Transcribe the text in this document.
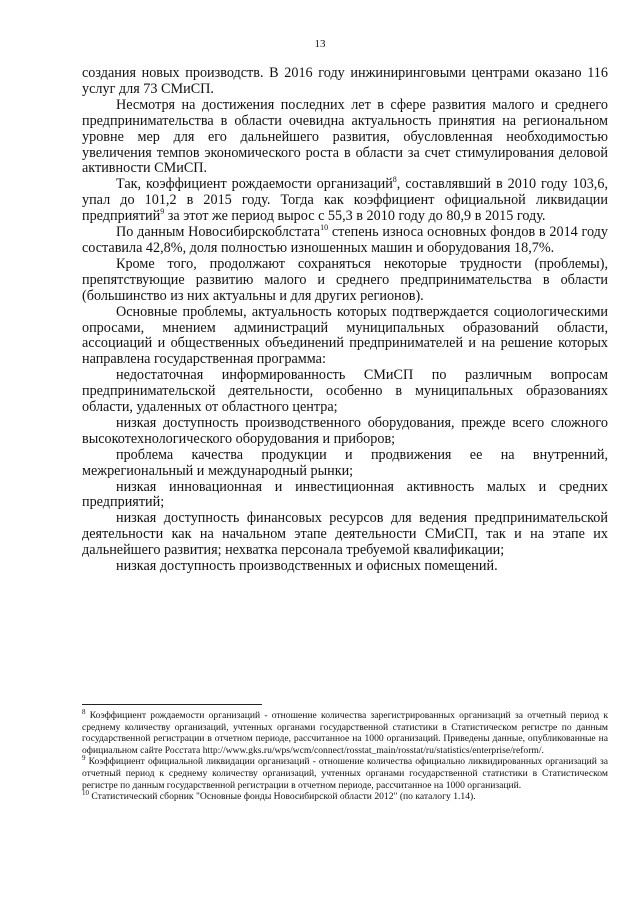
13

создания новых производств. В 2016 году инжиниринговыми центрами оказано 116 услуг для 73 СМиСП.

Несмотря на достижения последних лет в сфере развития малого и среднего предпринимательства в области очевидна актуальность принятия на региональном уровне мер для его дальнейшего развития, обусловленная необходимостью увеличения темпов экономического роста в области за счет стимулирования деловой активности СМиСП.

Так, коэффициент рождаемости организаций$^8$, составлявший в 2010 году 103,6, упал до 101,2 в 2015 году. Тогда как коэффициент официальной ликвидации предприятий$^9$ за этот же период вырос с 55,3 в 2010 году до 80,9 в 2015 году.

По данным Новосибирскоблстата$^{10}$ степень износа основных фондов в 2014 году составила 42,8%, доля полностью изношенных машин и оборудования 18,7%.

Кроме того, продолжают сохраняться некоторые трудности (проблемы), препятствующие развитию малого и среднего предпринимательства в области (большинство из них актуальны и для других регионов).

Основные проблемы, актуальность которых подтверждается социологическими опросами, мнением администраций муниципальных образований области, ассоциаций и общественных объединений предпринимателей и на решение которых направлена государственная программа:

недостаточная информированность СМиСП по различным вопросам предпринимательской деятельности, особенно в муниципальных образованиях области, удаленных от областного центра;

низкая доступность производственного оборудования, прежде всего сложного высокотехнологического оборудования и приборов;

проблема качества продукции и продвижения ее на внутренний, межрегиональный и международный рынки;

низкая инновационная и инвестиционная активность малых и средних предприятий;

низкая доступность финансовых ресурсов для ведения предпринимательской деятельности как на начальном этапе деятельности СМиСП, так и на этапе их дальнейшего развития; нехватка персонала требуемой квалификации;

низкая доступность производственных и офисных помещений.

$^8$ Коэффициент рождаемости организаций - отношение количества зарегистрированных организаций за отчетный период к среднему количеству организаций, учтенных органами государственной статистики в Статистическом регистре по данным государственной регистрации в отчетном периоде, рассчитанное на 1000 организаций. Приведены данные, опубликованные на официальном сайте Росстата http://www.gks.ru/wps/wcm/connect/rosstat_main/rosstat/ru/statistics/enterprise/reform/.

$^9$ Коэффициент официальной ликвидации организаций - отношение количества официально ликвидированных организаций за отчетный период к среднему количеству организаций, учтенных органами государственной статистики в Статистическом регистре по данным государственной регистрации в отчетном периоде, рассчитанное на 1000 организаций.

$^{10}$ Статистический сборник "Основные фонды Новосибирской области 2012" (по каталогу 1.14).
